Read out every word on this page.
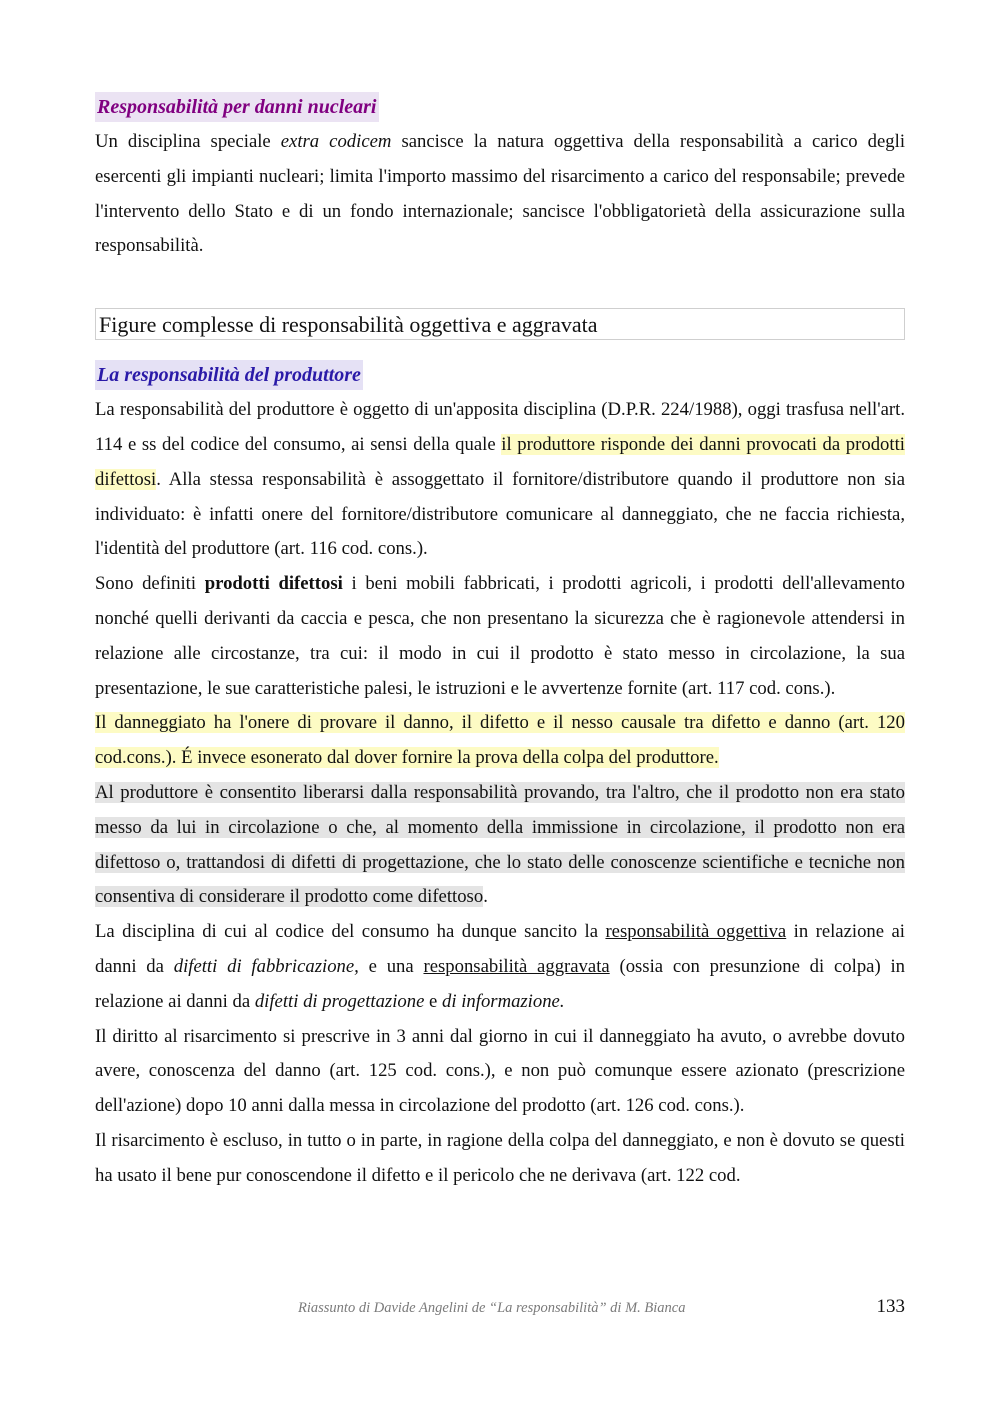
Responsabilità per danni nucleari

Un disciplina speciale extra codicem sancisce la natura oggettiva della responsabilità a carico degli esercenti gli impianti nucleari; limita l'importo massimo del risarcimento a carico del responsabile; prevede l'intervento dello Stato e di un fondo internazionale; sancisce l'obbligatorietà della assicurazione sulla responsabilità.

Figure complesse di responsabilità oggettiva e aggravata
La responsabilità del produttore

La responsabilità del produttore è oggetto di un'apposita disciplina (D.P.R. 224/1988), oggi trasfusa nell'art. 114 e ss del codice del consumo, ai sensi della quale il produttore risponde dei danni provocati da prodotti difettosi. Alla stessa responsabilità è assoggettato il fornitore/distributore quando il produttore non sia individuato: è infatti onere del fornitore/distributore comunicare al danneggiato, che ne faccia richiesta, l'identità del produttore (art. 116 cod. cons.).

Sono definiti prodotti difettosi i beni mobili fabbricati, i prodotti agricoli, i prodotti dell'allevamento nonché quelli derivanti da caccia e pesca, che non presentano la sicurezza che è ragionevole attendersi in relazione alle circostanze, tra cui: il modo in cui il prodotto è stato messo in circolazione, la sua presentazione, le sue caratteristiche palesi, le istruzioni e le avvertenze fornite (art. 117 cod. cons.).

Il danneggiato ha l'onere di provare il danno, il difetto e il nesso causale tra difetto e danno (art. 120 cod.cons.). É invece esonerato dal dover fornire la prova della colpa del produttore.

Al produttore è consentito liberarsi dalla responsabilità provando, tra l'altro, che il prodotto non era stato messo da lui in circolazione o che, al momento della immissione in circolazione, il prodotto non era difettoso o, trattandosi di difetti di progettazione, che lo stato delle conoscenze scientifiche e tecniche non consentiva di considerare il prodotto come difettoso.

La disciplina di cui al codice del consumo ha dunque sancito la responsabilità oggettiva in relazione ai danni da difetti di fabbricazione, e una responsabilità aggravata (ossia con presunzione di colpa) in relazione ai danni da difetti di progettazione e di informazione.

Il diritto al risarcimento si prescrive in 3 anni dal giorno in cui il danneggiato ha avuto, o avrebbe dovuto avere, conoscenza del danno (art. 125 cod. cons.), e non può comunque essere azionato (prescrizione dell'azione) dopo 10 anni dalla messa in circolazione del prodotto (art. 126 cod. cons.).

Il risarcimento è escluso, in tutto o in parte, in ragione della colpa del danneggiato, e non è dovuto se questi ha usato il bene pur conoscendone il difetto e il pericolo che ne derivava (art. 122 cod.

Riassunto di Davide Angelini de “La responsabilità” di M. Bianca	133
